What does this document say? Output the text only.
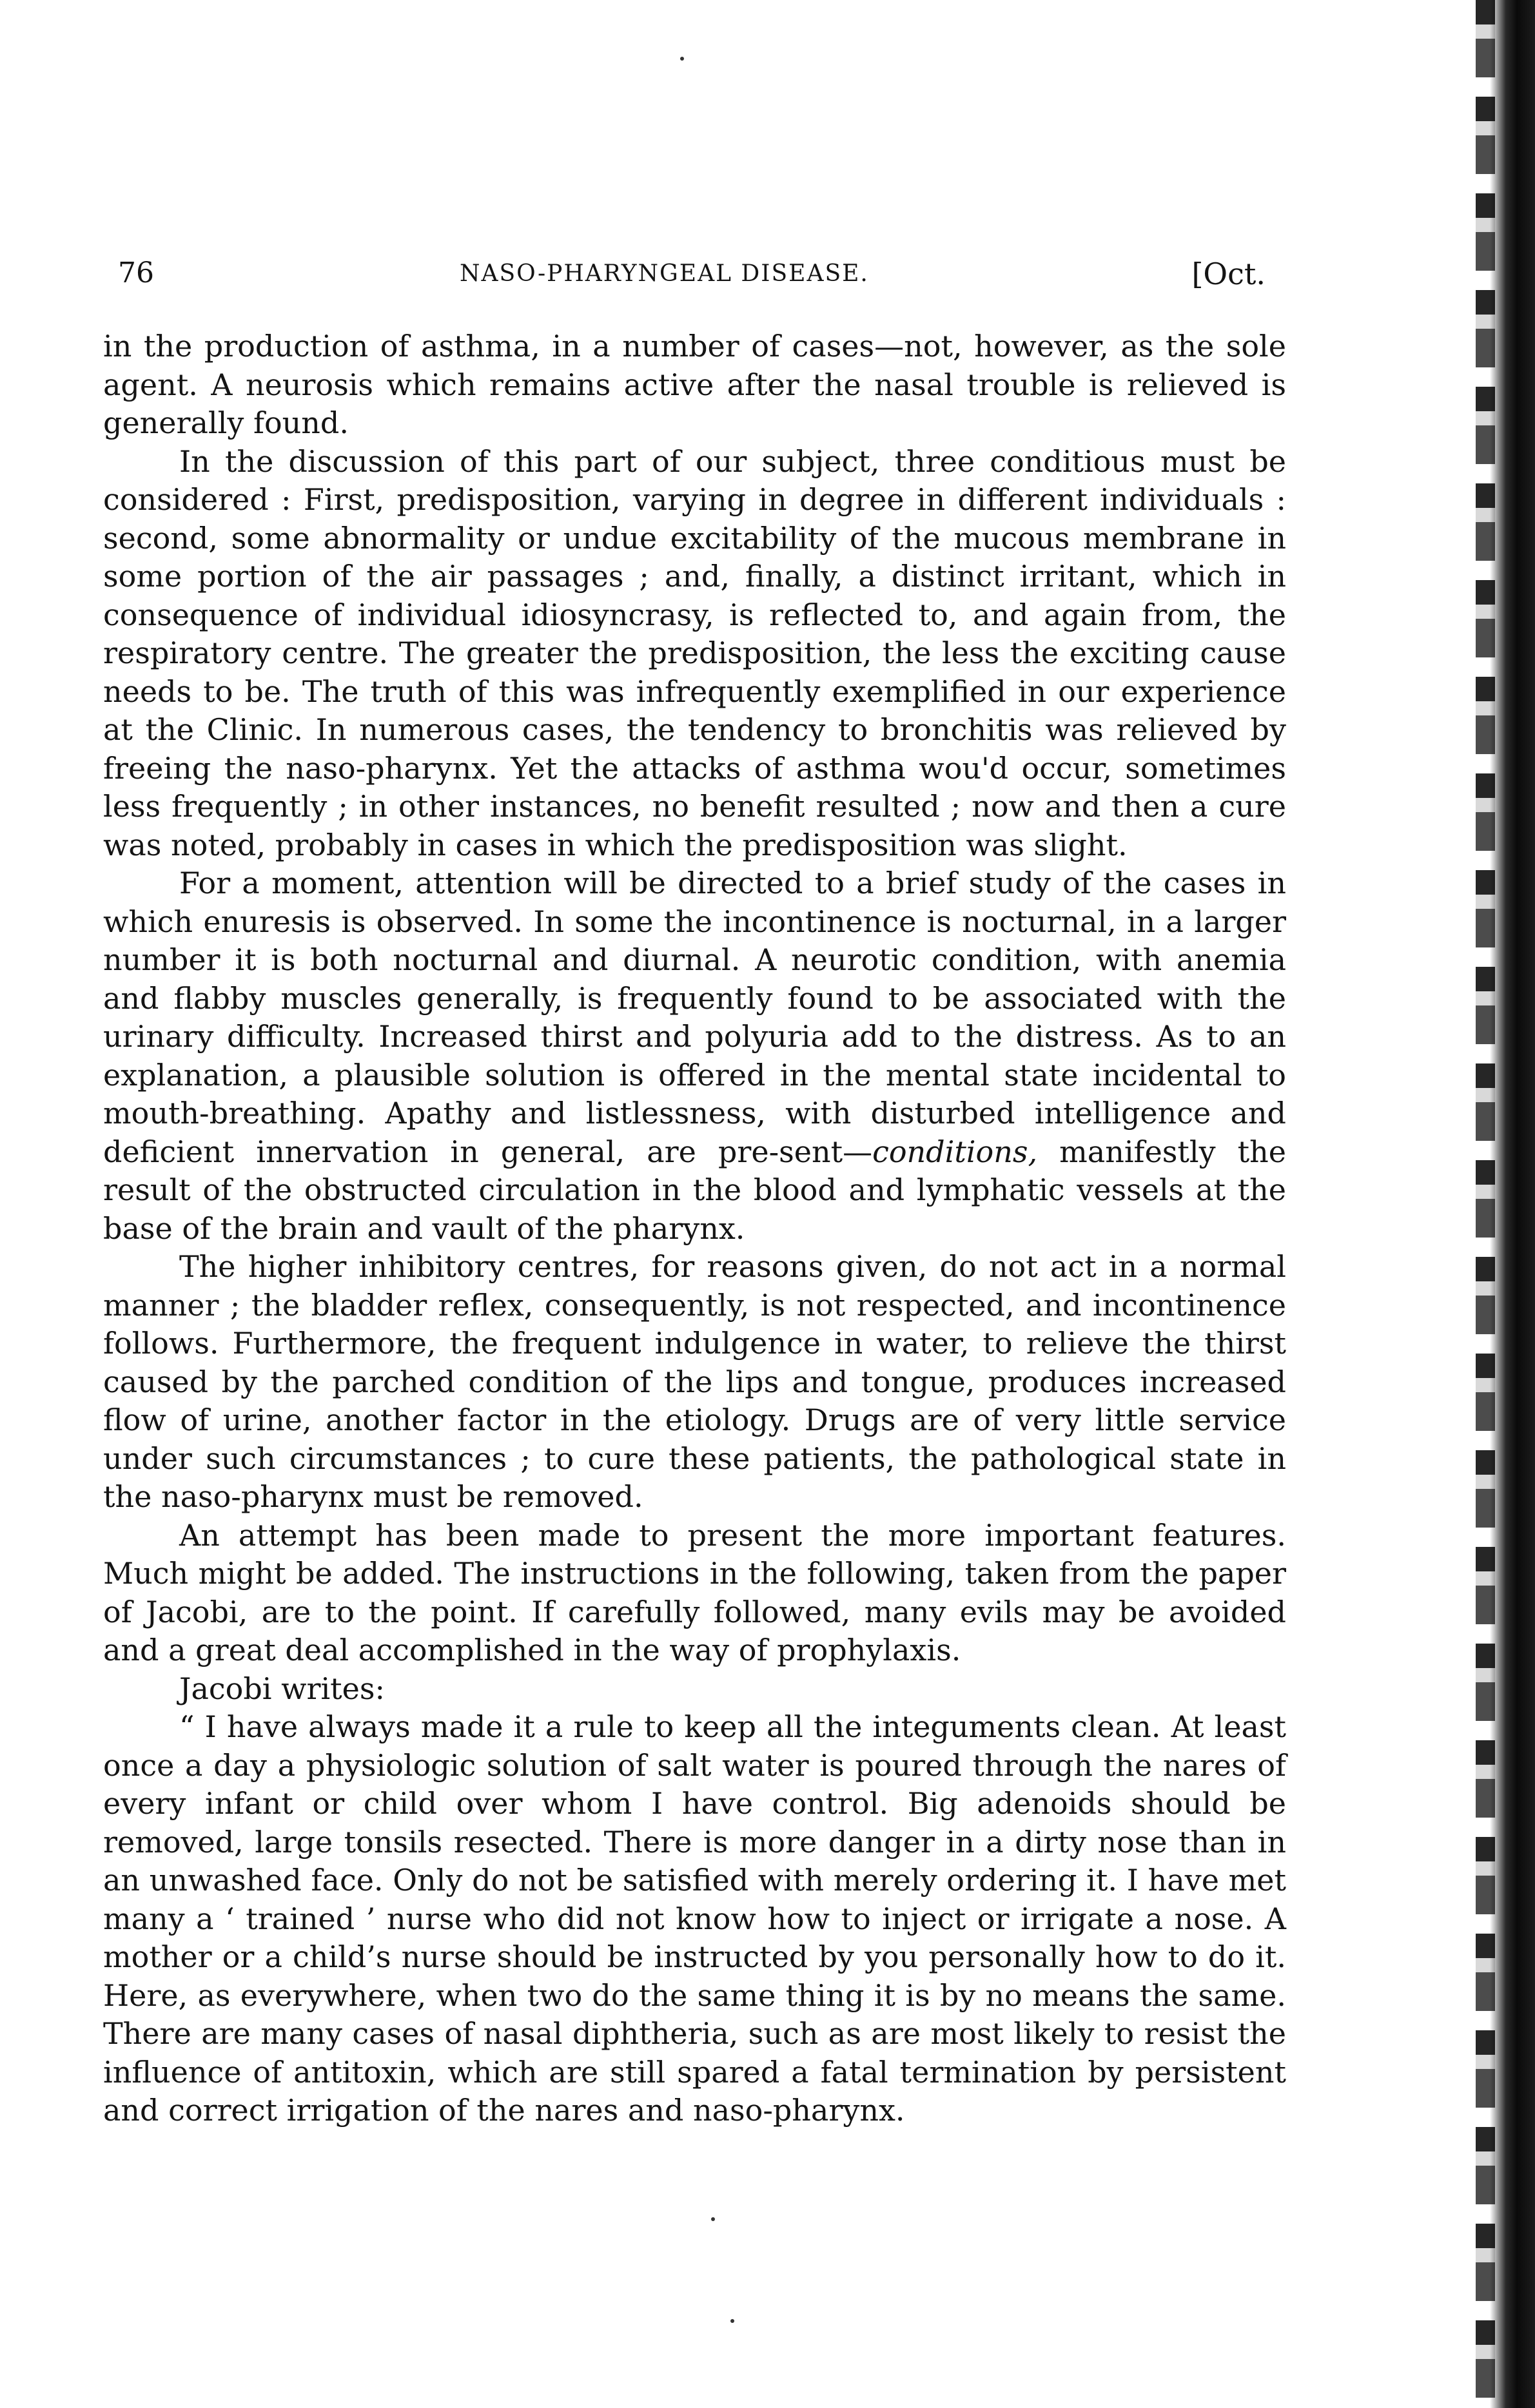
76	NASO-PHARYNGEAL DISEASE.	[Oct.

in the production of asthma, in a number of cases—not, however, as the sole agent. A neurosis which remains active after the nasal trouble is relieved is generally found.

In the discussion of this part of our subject, three conditious must be considered : First, predisposition, varying in degree in different individuals : second, some abnormality or undue excitability of the mucous membrane in some portion of the air passages ; and, finally, a distinct irritant, which in consequence of individual idiosyncrasy, is reflected to, and again from, the respiratory centre. The greater the predisposition, the less the exciting cause needs to be. The truth of this was infrequently exemplified in our experience at the Clinic. In numerous cases, the tendency to bronchitis was relieved by freeing the naso-pharynx. Yet the attacks of asthma wou'd occur, sometimes less frequently ; in other instances, no benefit resulted ; now and then a cure was noted, probably in cases in which the predisposition was slight.

For a moment, attention will be directed to a brief study of the cases in which enuresis is observed. In some the incontinence is nocturnal, in a larger number it is both nocturnal and diurnal. A neurotic condition, with anemia and flabby muscles generally, is frequently found to be associated with the urinary difficulty. Increased thirst and polyuria add to the distress. As to an explanation, a plausible solution is offered in the mental state incidental to mouth-breathing. Apathy and listlessness, with disturbed intelligence and deficient innervation in general, are pre-sent—conditions, manifestly the result of the obstructed circulation in the blood and lymphatic vessels at the base of the brain and vault of the pharynx.

The higher inhibitory centres, for reasons given, do not act in a normal manner ; the bladder reflex, consequently, is not respected, and incontinence follows. Furthermore, the frequent indulgence in water, to relieve the thirst caused by the parched condition of the lips and tongue, produces increased flow of urine, another factor in the etiology. Drugs are of very little service under such circumstances ; to cure these patients, the pathological state in the naso-pharynx must be removed.

An attempt has been made to present the more important features. Much might be added. The instructions in the following, taken from the paper of Jacobi, are to the point. If carefully followed, many evils may be avoided and a great deal accomplished in the way of prophylaxis.

Jacobi writes:

“ I have always made it a rule to keep all the integuments clean. At least once a day a physiologic solution of salt water is poured through the nares of every infant or child over whom I have control. Big adenoids should be removed, large tonsils resected. There is more danger in a dirty nose than in an unwashed face. Only do not be satisfied with merely ordering it. I have met many a ‘ trained ’ nurse who did not know how to inject or irrigate a nose. A mother or a child’s nurse should be instructed by you personally how to do it. Here, as everywhere, when two do the same thing it is by no means the same. There are many cases of nasal diphtheria, such as are most likely to resist the influence of antitoxin, which are still spared a fatal termination by persistent and correct irrigation of the nares and naso-pharynx.
